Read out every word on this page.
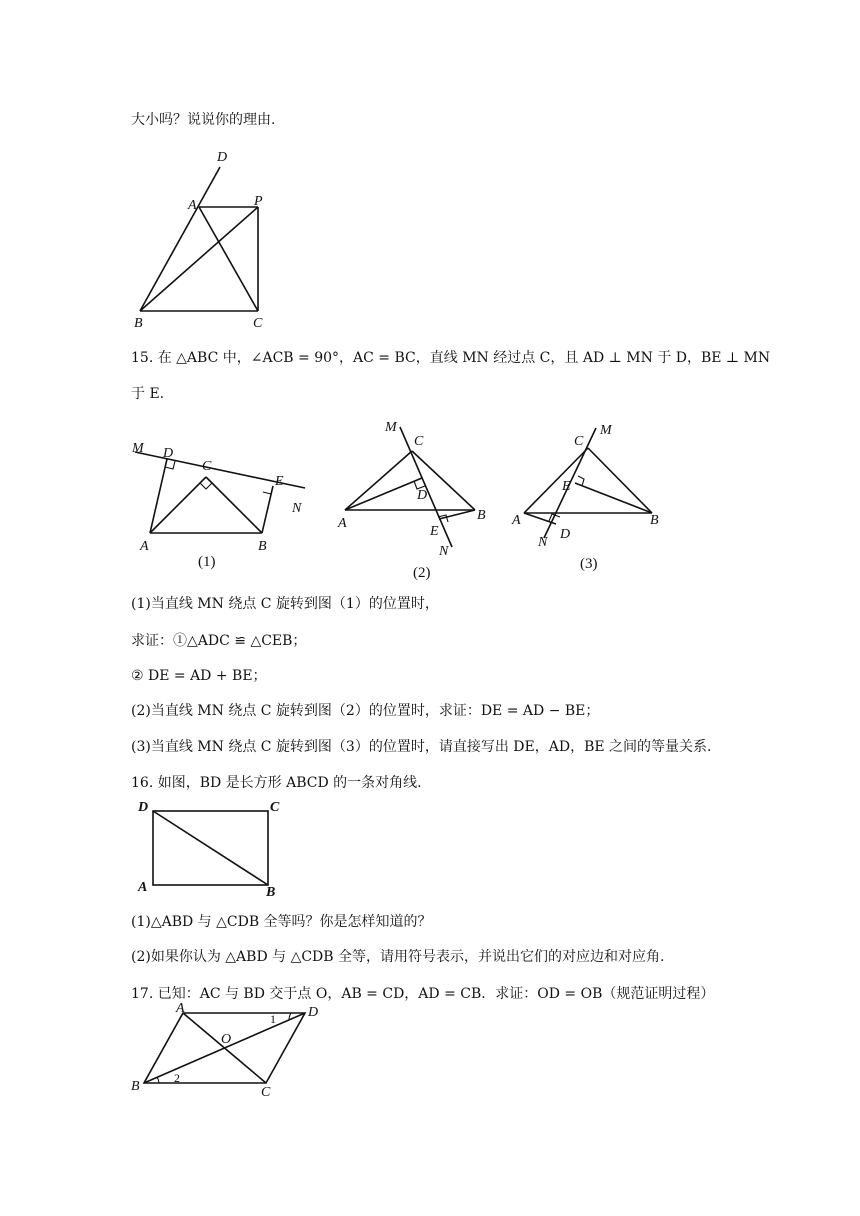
大小吗？说说你的理由.
15. 在 △ABC 中，∠ACB = 90°，AC = BC，直线 MN 经过点 C，且 AD ⊥ MN 于 D，BE ⊥ MN
于 E.
(1)当直线 MN 绕点 C 旋转到图（1）的位置时，
求证：①△ADC ≌ △CEB；
② DE = AD + BE；
(2)当直线 MN 绕点 C 旋转到图（2）的位置时，求证：DE = AD − BE；
(3)当直线 MN 绕点 C 旋转到图（3）的位置时，请直接写出 DE，AD，BE 之间的等量关系.
16. 如图，BD 是长方形 ABCD 的一条对角线.
(1)△ABD 与 △CDB 全等吗？你是怎样知道的？
(2)如果你认为 △ABD 与 △CDB 全等，请用符号表示，并说出它们的对应边和对应角.
17. 已知：AC 与 BD 交于点 O，AB = CD，AD = CB．求证：OD = OB（规范证明过程）
D
A	P
B	C
M D
C
E
N
A	B
(1)
M
C
D
A
E
B
N
(2)
C
M
E
A
N
D
B
(3)
D	C
A	B
A	D
O
1
B
2
C
